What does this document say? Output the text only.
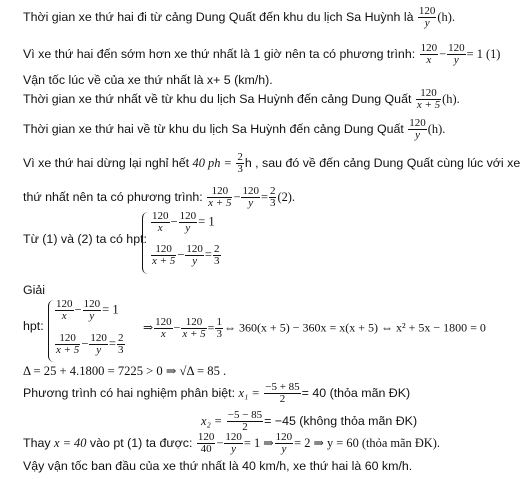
Thời gian xe thứ hai đi từ cảng Dung Quất đến khu du lịch Sa Huỳnh là $\frac{120}{y} (h)$.
Vì xe thứ hai đến sớm hơn xe thứ nhất là 1 giờ nên ta có phương trình: $\frac{120}{x} - \frac{120}{y} = 1$ (1)
Vận tốc lúc về của xe thứ nhất là x+ 5 (km/h).
Thời gian xe thứ nhất về từ khu du lịch Sa Huỳnh đến cảng Dung Quất $\frac{120}{x + 5} (h)$.
Thời gian xe thứ hai về từ khu du lịch Sa Huỳnh đến cảng Dung Quất $\frac{120}{y} (h)$.
Vì xe thứ hai dừng lại nghỉ hết 40 ph = $\frac{2}{3}$ h , sau đó về đến cảng Dung Quất cùng lúc với xe
thứ nhất nên ta có phương trình: $\frac{120}{x + 5} - \frac{120}{y} = \frac{2}{3} (2)$.
Từ (1) và (2) ta có hpt:
$\frac{120}{x} - \frac{120}{y} = 1$
$\frac{120}{x + 5} - \frac{120}{y} = \frac{2}{3}$
Giải
hpt:
$\frac{120}{x} - \frac{120}{y} = 1$
$\frac{120}{x + 5} - \frac{120}{y} = \frac{2}{3}$
⇒ $\frac{120}{x} - \frac{120}{x + 5} = \frac{1}{3}$ ⇔ 360(x + 5) − 360x = x(x + 5) ⇔ x² + 5x − 1800 = 0
Δ = 25 + 4.1800 = 7225 > 0 ⇒ √Δ = 85 .
Phương trình có hai nghiệm phân biệt: $x_1 = \frac{-5 + 85}{2} = 40$ (thỏa mãn ĐK)
$x_2 = \frac{-5 - 85}{2} = -45$ (không thỏa mãn ĐK)
Thay x = 40 vào pt (1) ta được: $\frac{120}{40} - \frac{120}{y} = 1$ ⇒ $\frac{120}{y} = 2$ ⇒ y = 60 (thỏa mãn ĐK).
Vậy vận tốc ban đầu của xe thứ nhất là 40 km/h, xe thứ hai là 60 km/h.
